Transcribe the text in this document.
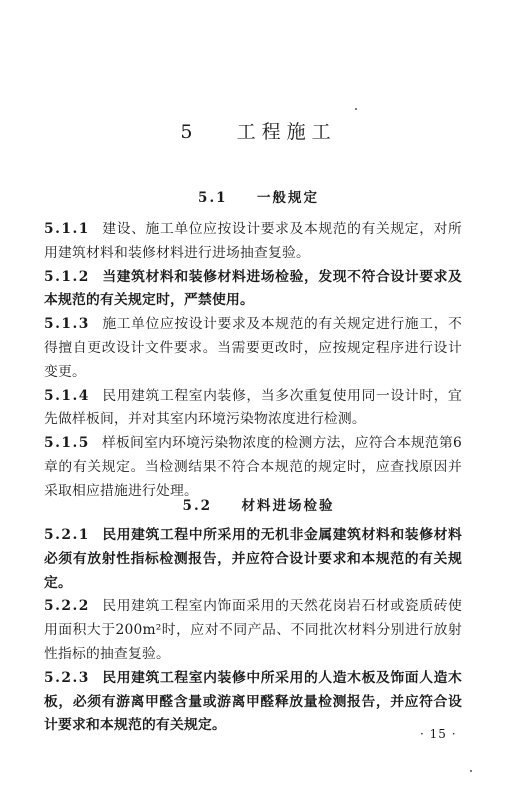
5 工程施工
5.1 一般规定

5.1.1 建设、施工单位应按设计要求及本规范的有关规定，对所用建筑材料和装修材料进行进场抽查复验。

5.1.2 当建筑材料和装修材料进场检验，发现不符合设计要求及本规范的有关规定时，严禁使用。

5.1.3 施工单位应按设计要求及本规范的有关规定进行施工，不得擅自更改设计文件要求。当需要更改时，应按规定程序进行设计变更。

5.1.4 民用建筑工程室内装修，当多次重复使用同一设计时，宜先做样板间，并对其室内环境污染物浓度进行检测。

5.1.5 样板间室内环境污染物浓度的检测方法，应符合本规范第6章的有关规定。当检测结果不符合本规范的规定时，应查找原因并采取相应措施进行处理。

5.2 材料进场检验

5.2.1 民用建筑工程中所采用的无机非金属建筑材料和装修材料必须有放射性指标检测报告，并应符合设计要求和本规范的有关规定。

5.2.2 民用建筑工程室内饰面采用的天然花岗岩石材或瓷质砖使用面积大于200m²时，应对不同产品、不同批次材料分别进行放射性指标的抽查复验。

5.2.3 民用建筑工程室内装修中所采用的人造木板及饰面人造木板，必须有游离甲醛含量或游离甲醛释放量检测报告，并应符合设计要求和本规范的有关规定。

· 15 ·
